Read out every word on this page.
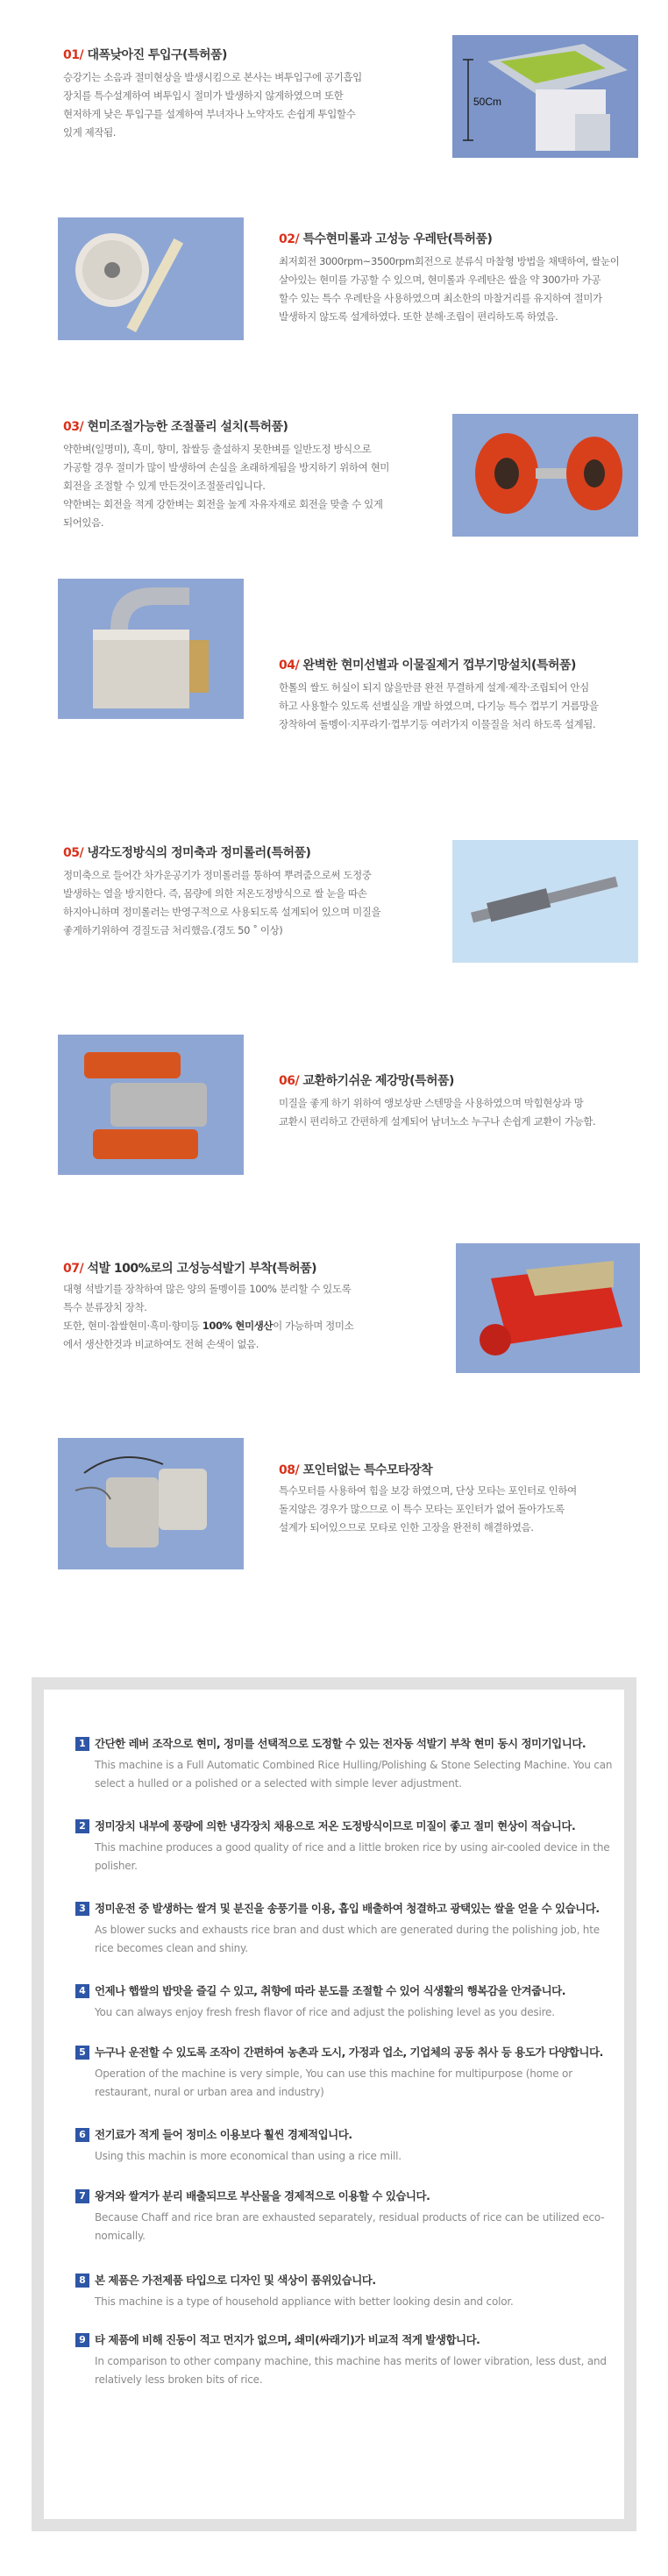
01/ 대폭낮아진 투입구(특허품)
승강기는 소음과 절미현상을 발생시킴으로 본사는 벼투입구에 공기흡입
장치를 특수설계하여 벼투입시 절미가 발생하지 않게하였으며 또한
현저하게 낮은 투입구를 설계하여 부녀자나 노약자도 손쉽게 투입할수
있게 제작됨.
50Cm
02/ 특수현미롤과 고성능 우레탄(특허품)
최저회전 3000rpm~3500rpm회전으로 분류식 마찰형 방법을 채택하여, 쌀눈이
살아있는 현미를 가공할 수 있으며, 현미롤과 우레탄은 쌀을 약 300가마 가공
할수 있는 특수 우레탄을 사용하였으며 최소한의 마찰거리를 유지하여 절미가
발생하지 않도록 설계하였다. 또한 분해·조립이 편리하도록 하였음.
03/ 현미조절가능한 조절풀리 설치(특허품)
약한벼(일명미), 흑미, 향미, 찹쌀등 출설하지 못한벼를 일반도정 방식으로
가공할 경우 절미가 많이 발생하여 손실을 초래하게됨을 방지하기 위하여 현미
회전을 조절할 수 있게 만든것이조절풀리입니다.
약한벼는 회전을 적게 강한벼는 회전을 높게 자유자재로 회전을 맞출 수 있게
되어있음.
04/ 완벽한 현미선별과 이물질제거 껍부기망설치(특허품)
한톨의 쌀도 허실이 되지 않을만큼 완전 무결하게 설계·제작·조립되어 안심
하고 사용할수 있도록 선별실을 개발 하였으며, 다기능 특수 껍부기 거름망을
장착하여 돌멩이·지푸라기·껍부기등 여러가지 이물질을 처리 하도록 설계됨.
05/ 냉각도정방식의 정미축과 정미롤러(특허품)
정미축으로 들어간 차가운공기가 정미롤러를 통하여 뿌려줌으로써 도정중
발생하는 열을 방지한다. 즉, 몸량에 의한 저온도정방식으로 쌀 눈을 따손
하지아니하며 정미롤러는 반영구적으로 사용되도록 설계되어 있으며 미질을
좋게하기위하여 경질도금 처리했음.(경도 50 ˚ 이상)
06/ 교환하기쉬운 제강망(특허품)
미질을 좋게 하기 위하여 앵보상판 스텐망을 사용하였으며 막힘현상과 망
교환시 편리하고 간편하게 설계되어 남녀노소 누구나 손쉽게 교환이 가능함.
07/ 석발 100%로의 고성능석발기 부착(특허품)
대형 석발기를 장착하여 많은 양의 돌멩이를 100% 분리할 수 있도록
특수 분류장치 장착.
또한, 현미·찹쌀현미·흑미·향미등 100% 현미생산이 가능하며 정미소
에서 생산한것과 비교하여도 전혀 손색이 없음.
08/ 포인터없는 특수모타장착
특수모터를 사용하여 힘을 보강 하였으며, 단상 모타는 포인터로 인하여
돌지않은 경우가 많으므로 이 특수 모타는 포인터가 없어 돌아가도록
설계가 되어있으므로 모타로 인한 고장을 완전히 해결하였음.
1 간단한 레버 조작으로 현미, 정미를 선택적으로 도정할 수 있는 전자동 석발기 부착 현미 동시 정미기입니다.
This machine is a Full Automatic Combined Rice Hulling/Polishing & Stone Selecting Machine. You can select a hulled or a polished or a selected with simple lever adjustment.
2 정미장치 내부에 풍량에 의한 냉각장치 채용으로 저온 도정방식이므로 미질이 좋고 절미 현상이 적습니다.
This machine produces a good quality of rice and a little broken rice by using air-cooled device in the polisher.
3 정미운전 중 발생하는 쌀겨 및 분진을 송풍기를 이용, 흡입 배출하여 청결하고 광택있는 쌀을 얻을 수 있습니다.
As blower sucks and exhausts rice bran and dust which are generated during the polishing job, hte rice becomes clean and shiny.
4 언제나 햅쌀의 밥맛을 즐길 수 있고, 취향에 따라 분도를 조절할 수 있어 식생활의 행복감을 안겨줍니다.
You can always enjoy fresh fresh flavor of rice and adjust the polishing level as you desire.
5 누구나 운전할 수 있도록 조작이 간편하여 농촌과 도시, 가정과 업소, 기업체의 공동 취사 등 용도가 다양합니다.
Operation of the machine is very simple, You can use this machine for multipurpose (home or restaurant, nural or urban area and industry)
6 전기료가 적게 들어 정미소 이용보다 훨씬 경제적입니다.
Using this machin is more economical than using a rice mill.
7 왕겨와 쌀겨가 분리 배출되므로 부산물을 경제적으로 이용할 수 있습니다.
Because Chaff and rice bran are exhausted separately, residual products of rice can be utilized eco-nomically.
8 본 제품은 가전제품 타입으로 디자인 및 색상이 품위있습니다.
This machine is a type of household appliance with better looking desin and color.
9 타 제품에 비해 진동이 적고 먼지가 없으며, 쇄미(싸래기)가 비교적 적게 발생합니다.
In comparison to other company machine, this machine has merits of lower vibration, less dust, and relatively less broken bits of rice.
